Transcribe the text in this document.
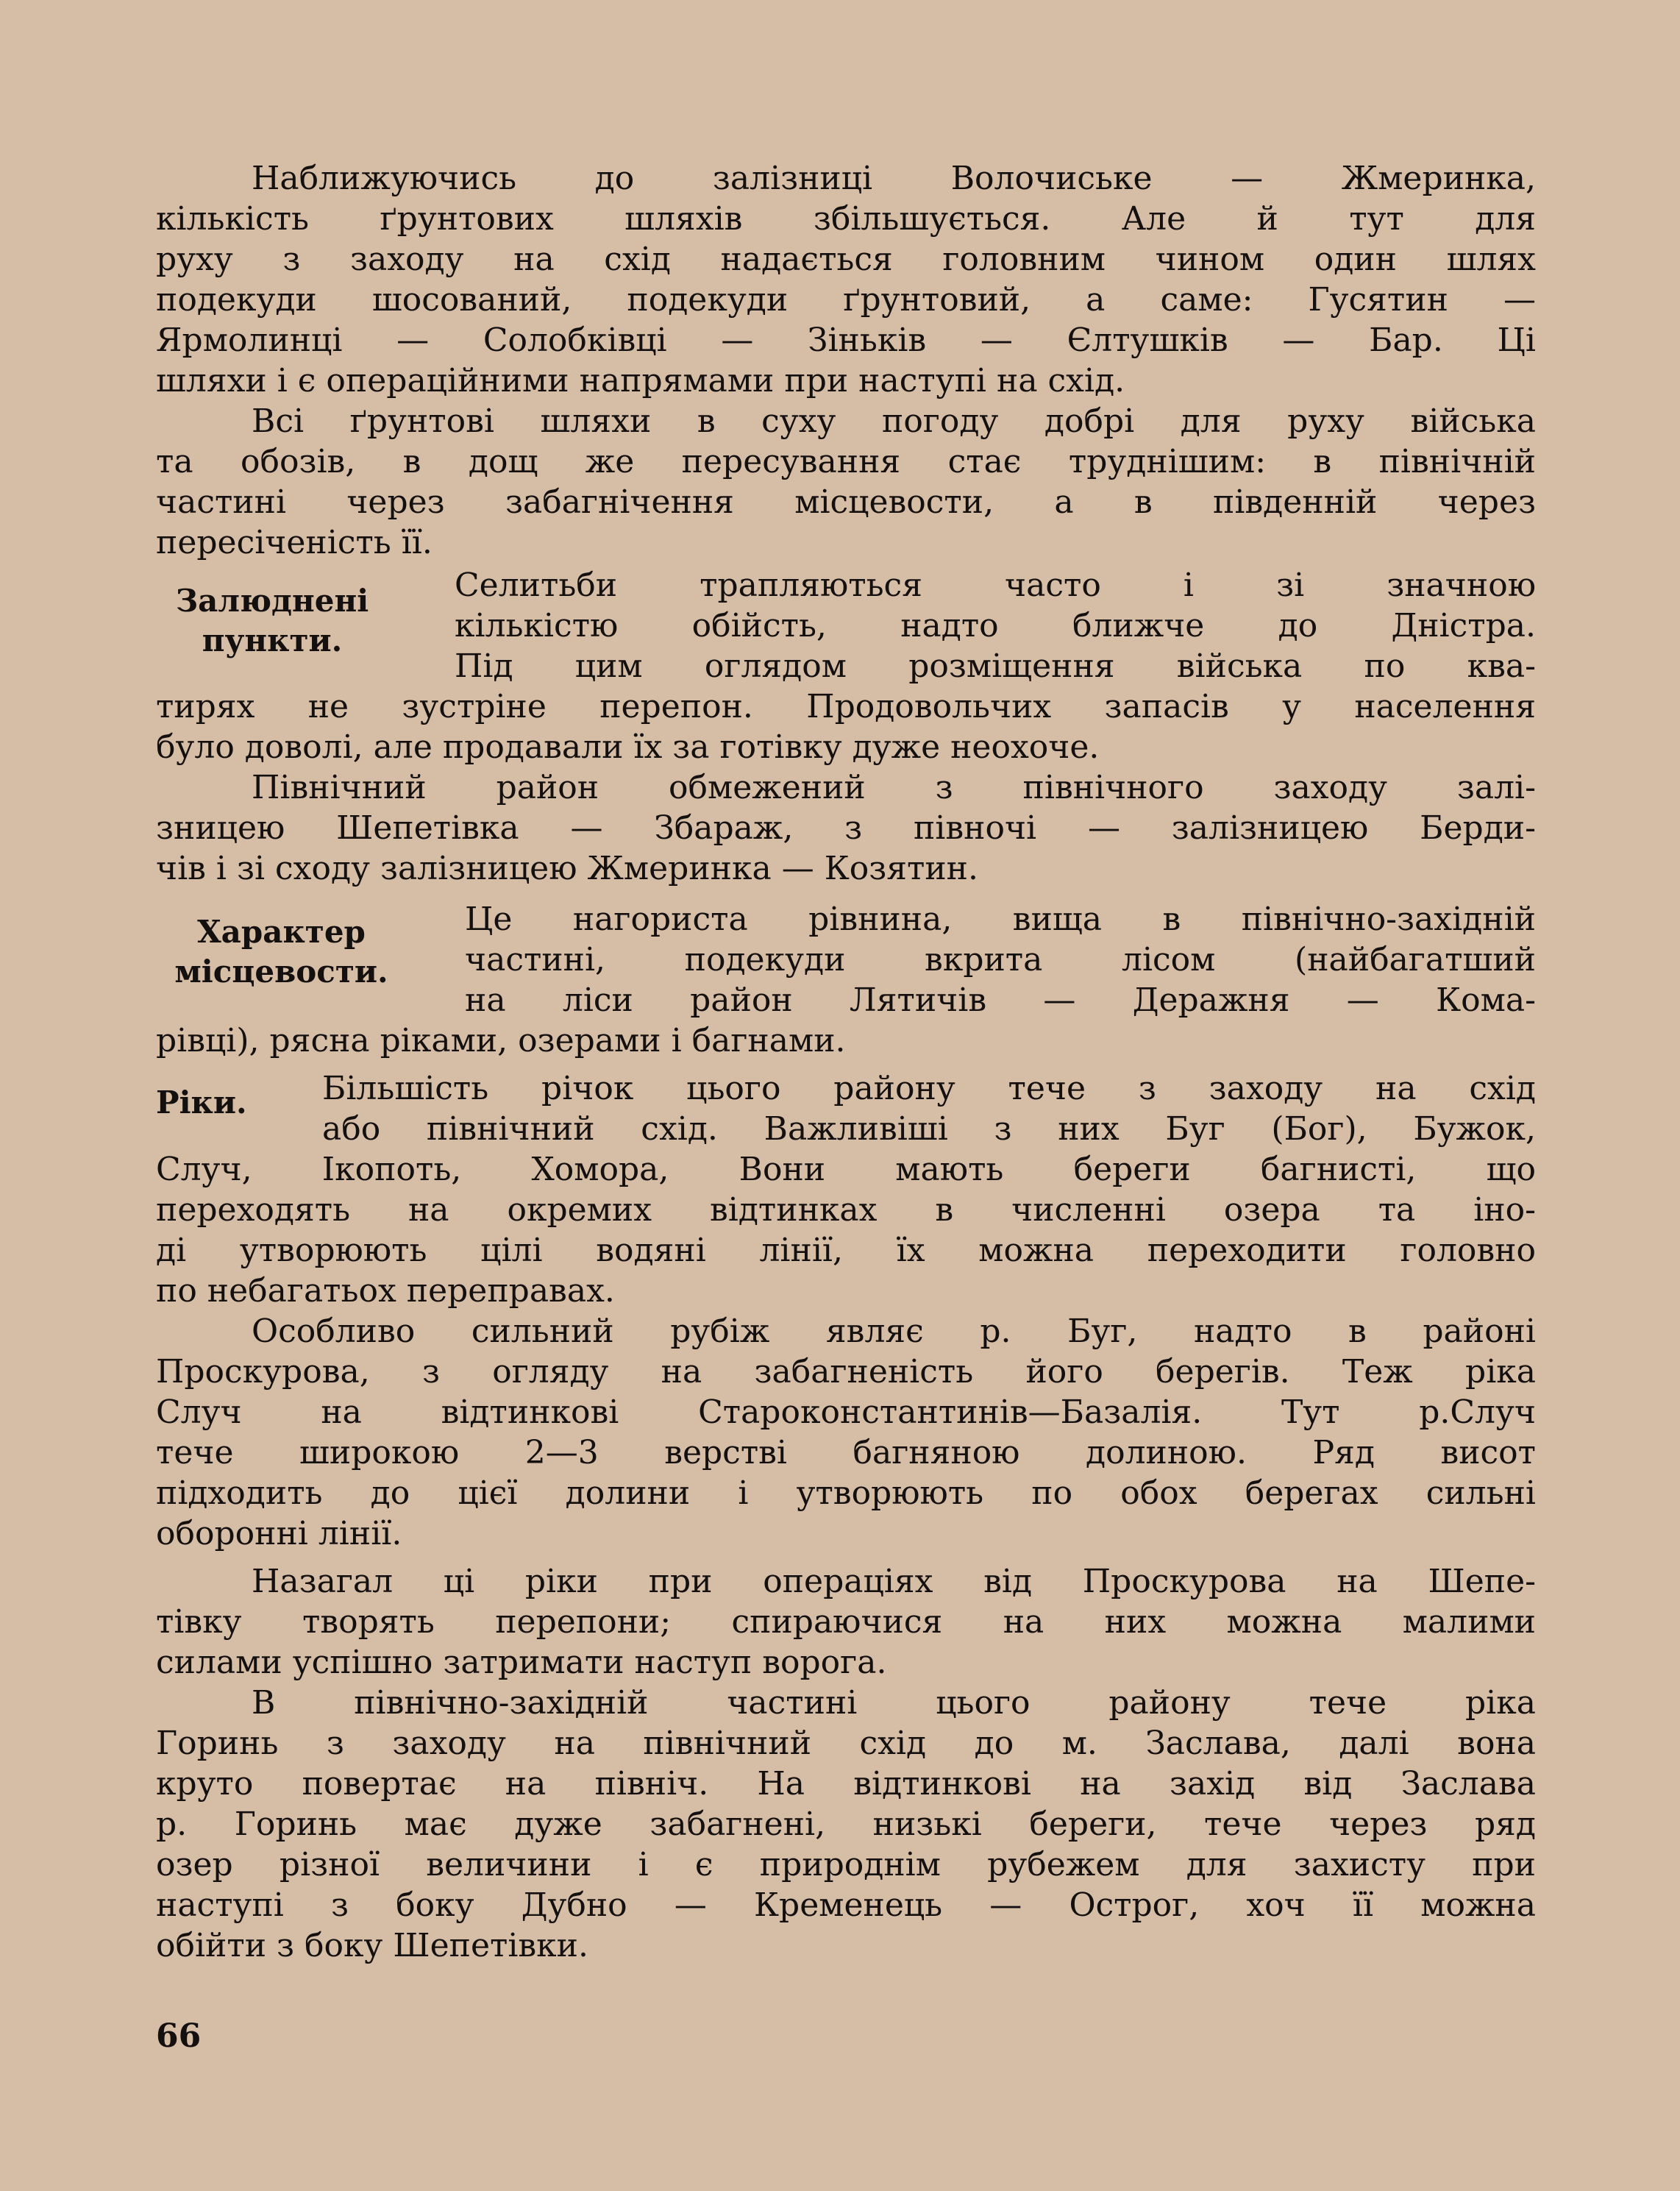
Наближуючись до залізниці Волочиське — Жмеринка,
кількість ґрунтових шляхів збільшується. Але й тут для
руху з заходу на схід надається головним чином один шлях
подекуди шосований, подекуди ґрунтовий, а саме: Гусятин —
Ярмолинці — Солобківці — Зіньків — Єлтушків — Бар. Ці
шляхи і є операційними напрямами при наступі на схід.
Всі ґрунтові шляхи в суху погоду добрі для руху війська
та обозів, в дощ же пересування стає труднішим: в північній
частині через забагнічення місцевости, а в південній через
пересіченість її.
Залюднені
пункти.
Селитьби трапляються часто і зі значною
кількістю обійсть, надто ближче до Дністра.
Під цим оглядом розміщення війська по ква-
тирях не зустріне перепон. Продовольчих запасів у населення
було доволі, але продавали їх за готівку дуже неохоче.
Північний район обмежений з північного заходу залі-
зницею Шепетівка — Збараж, з півночі — залізницею Берди-
чів і зі сходу залізницею Жмеринка — Козятин.
Характер
місцевости.
Це нагориста рівнина, вища в північно-західній
частині, подекуди вкрита лісом (найбагатший
на ліси район Лятичів — Деражня — Кома-
рівці), рясна ріками, озерами і багнами.
Ріки. Більшість річок цього району тече з заходу на схід
або північний схід. Важливіші з них Буг (Бог), Бужок,
Случ, Ікопоть, Хомора, Вони мають береги багнисті, що
переходять на окремих відтинках в численні озера та іно-
ді утворюють цілі водяні лінії, їх можна переходити головно
по небагатьох переправах.
Особливо сильний рубіж являє р. Буг, надто в районі
Проскурова, з огляду на забагненість його берегів. Теж ріка
Случ на відтинкові Староконстантинів—Базалія. Тут р.Случ
тече широкою 2—3 верстві багняною долиною. Ряд висот
підходить до цієї долини і утворюють по обох берегах сильні
оборонні лінії.
Назагал ці ріки при операціях від Проскурова на Шепе-
тівку творять перепони; спираючися на них можна малими
силами успішно затримати наступ ворога.
В північно-західній частині цього району тече ріка
Горинь з заходу на північний схід до м. Заслава, далі вона
круто повертає на північ. На відтинкові на захід від Заслава
р. Горинь має дуже забагнені, низькі береги, тече через ряд
озер різної величини і є природнім рубежем для захисту при
наступі з боку Дубно — Кременець — Острог, хоч її можна
обійти з боку Шепетівки.
66
